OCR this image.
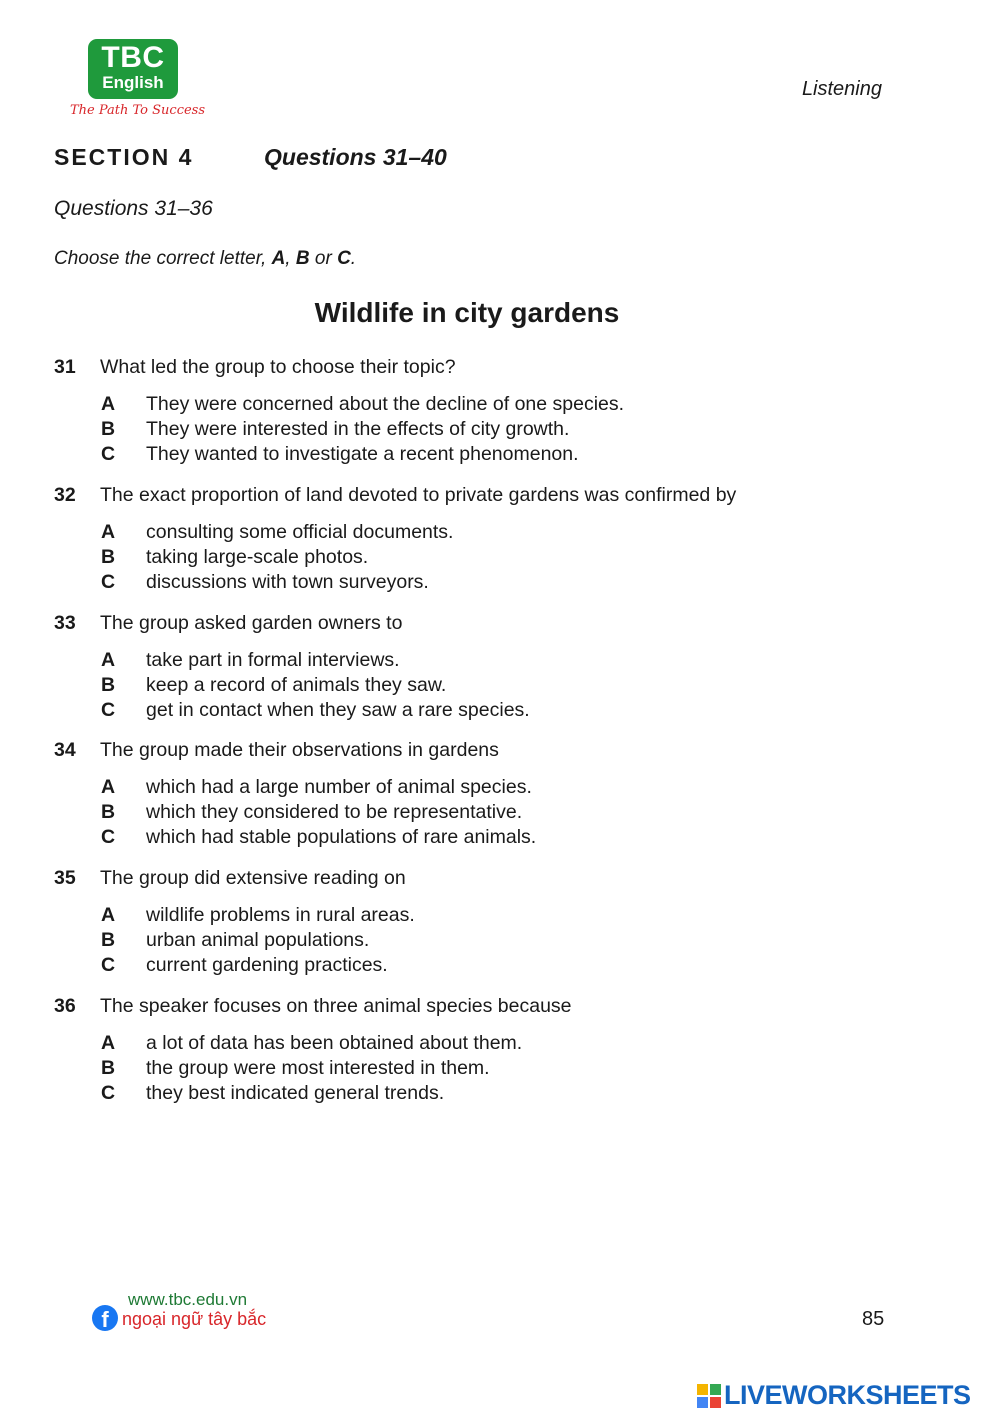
TBC
English
The Path To Success
Listening
SECTION 4	Questions 31–40
Questions 31–36
Choose the correct letter, A, B or C.
Wildlife in city gardens
31 What led the group to choose their topic?
A They were concerned about the decline of one species.
B They were interested in the effects of city growth.
C They wanted to investigate a recent phenomenon.
32 The exact proportion of land devoted to private gardens was confirmed by
A consulting some official documents.
B taking large-scale photos.
C discussions with town surveyors.
33 The group asked garden owners to
A take part in formal interviews.
B keep a record of animals they saw.
C get in contact when they saw a rare species.
34 The group made their observations in gardens
A which had a large number of animal species.
B which they considered to be representative.
C which had stable populations of rare animals.
35 The group did extensive reading on
A wildlife problems in rural areas.
B urban animal populations.
C current gardening practices.
36 The speaker focuses on three animal species because
A a lot of data has been obtained about them.
B the group were most interested in them.
C they best indicated general trends.
www.tbc.edu.vn
f ngoại ngữ tây bắc	85
LIVEWORKSHEETS
